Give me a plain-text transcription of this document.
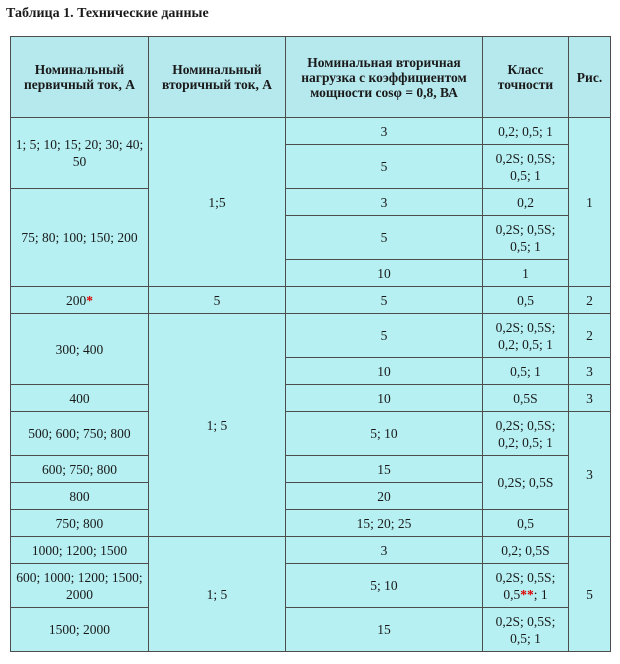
Таблица 1. Технические данные
Номинальный первичный ток, А	Номинальный вторичный ток, А	Номинальная вторичная нагрузка с коэффициентом мощности cosφ = 0,8, ВА	Класс точности	Рис.
1; 5; 10; 15; 20; 30; 40; 50	1;5	3	0,2; 0,5; 1	1
		5	0,2S; 0,5S; 0,5; 1	
75; 80; 100; 150; 200		3	0,2	
		5	0,2S; 0,5S; 0,5; 1	
		10	1	
200*	5	5	0,5	2
300; 400	1; 5	5	0,2S; 0,5S; 0,2; 0,5; 1	2
		10	0,5; 1	3
400		10	0,5S	3
500; 600; 750; 800		5; 10	0,2S; 0,5S; 0,2; 0,5; 1	3
600; 750; 800		15	0,2S; 0,5S	
800		20		
750; 800		15; 20; 25	0,5	
1000; 1200; 1500	1; 5	3	0,2; 0,5S	5
600; 1000; 1200; 1500; 2000		5; 10	0,2S; 0,5S; 0,5**; 1	
1500; 2000		15	0,2S; 0,5S; 0,5; 1	
